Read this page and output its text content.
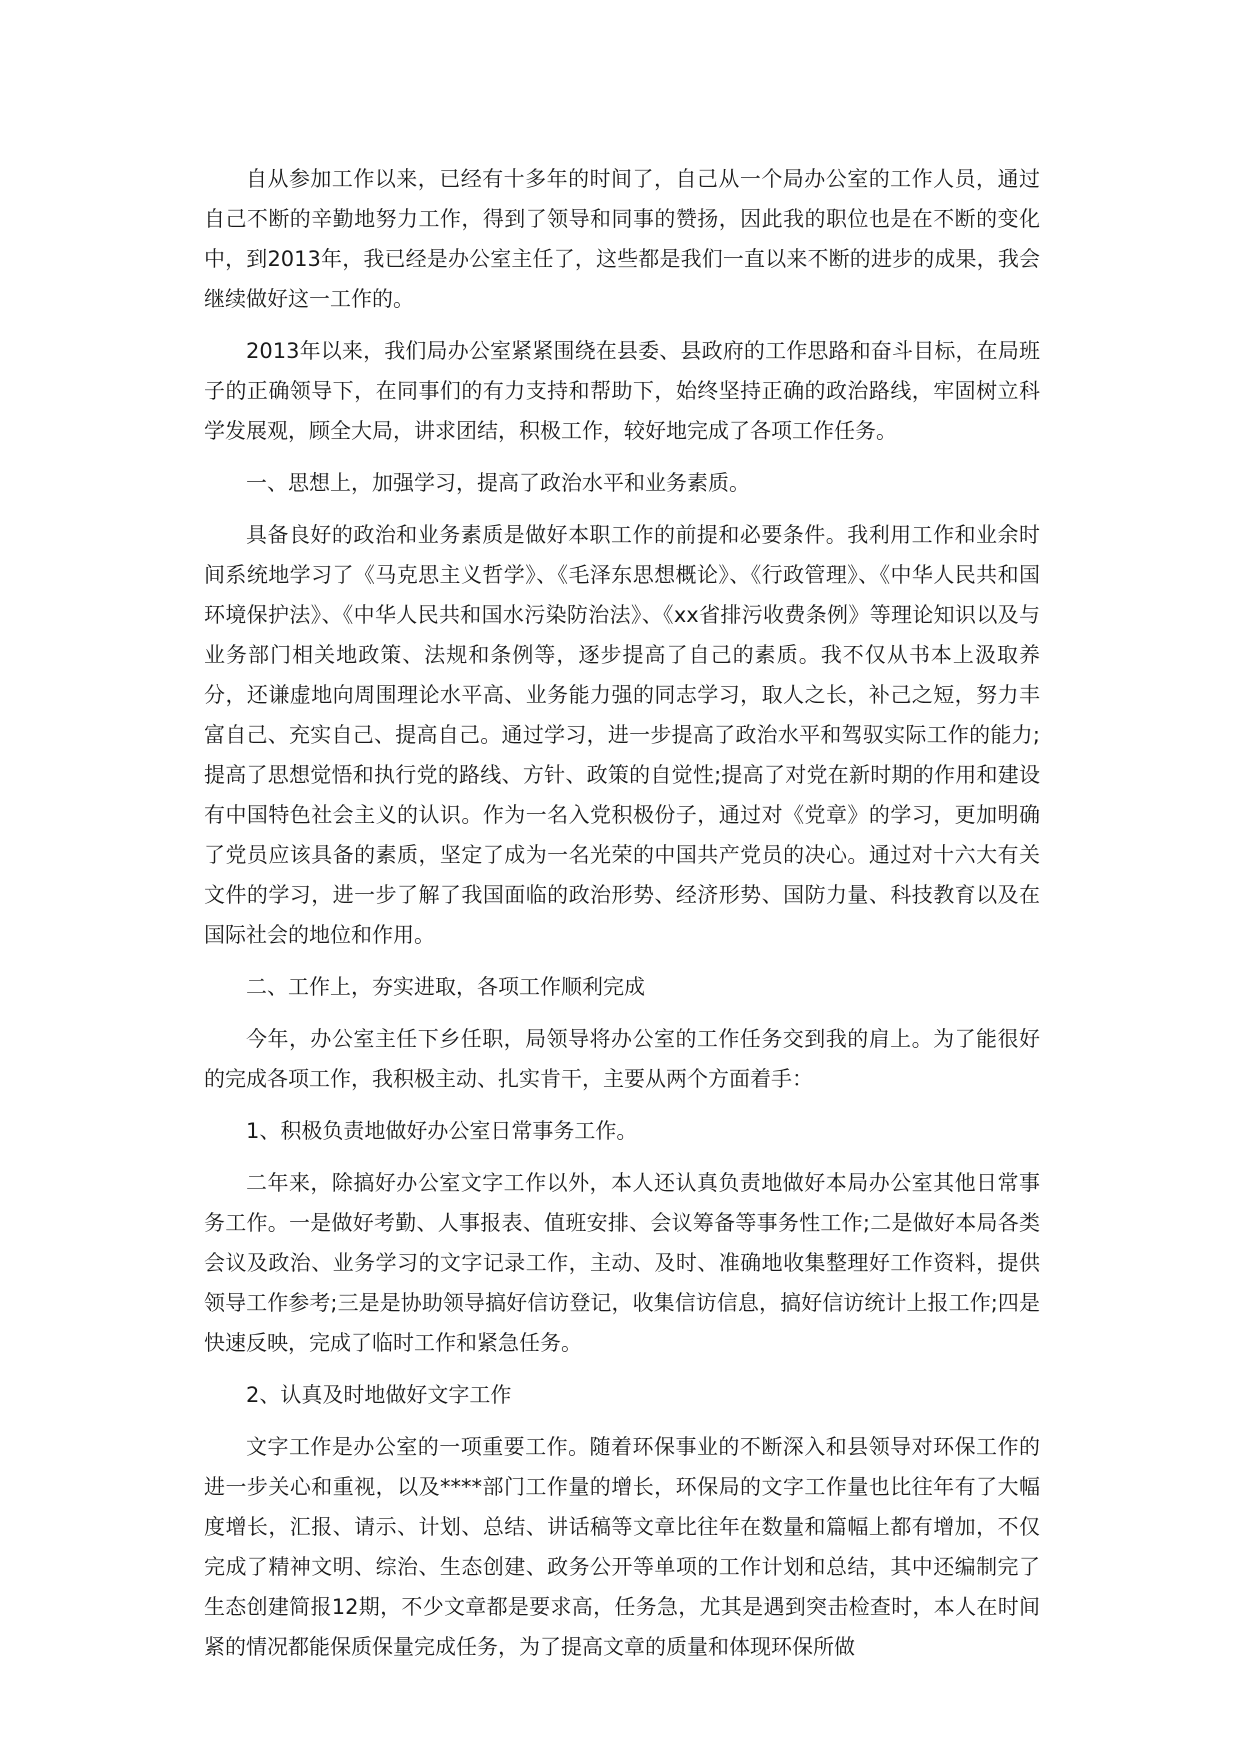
自从参加工作以来，已经有十多年的时间了，自己从一个局办公室的工作人员，通过自己不断的辛勤地努力工作，得到了领导和同事的赞扬，因此我的职位也是在不断的变化中，到2013年，我已经是办公室主任了，这些都是我们一直以来不断的进步的成果，我会继续做好这一工作的。

2013年以来，我们局办公室紧紧围绕在县委、县政府的工作思路和奋斗目标，在局班子的正确领导下，在同事们的有力支持和帮助下，始终坚持正确的政治路线，牢固树立科学发展观，顾全大局，讲求团结，积极工作，较好地完成了各项工作任务。

一、思想上，加强学习，提高了政治水平和业务素质。

具备良好的政治和业务素质是做好本职工作的前提和必要条件。我利用工作和业余时间系统地学习了《马克思主义哲学》、《毛泽东思想概论》、《行政管理》、《中华人民共和国环境保护法》、《中华人民共和国水污染防治法》、《xx省排污收费条例》等理论知识以及与业务部门相关地政策、法规和条例等，逐步提高了自己的素质。我不仅从书本上汲取养分，还谦虚地向周围理论水平高、业务能力强的同志学习，取人之长，补己之短，努力丰富自己、充实自己、提高自己。通过学习，进一步提高了政治水平和驾驭实际工作的能力;提高了思想觉悟和执行党的路线、方针、政策的自觉性;提高了对党在新时期的作用和建设有中国特色社会主义的认识。作为一名入党积极份子，通过对《党章》的学习，更加明确了党员应该具备的素质，坚定了成为一名光荣的中国共产党员的决心。通过对十六大有关文件的学习，进一步了解了我国面临的政治形势、经济形势、国防力量、科技教育以及在国际社会的地位和作用。

二、工作上，夯实进取，各项工作顺利完成

今年，办公室主任下乡任职，局领导将办公室的工作任务交到我的肩上。为了能很好的完成各项工作，我积极主动、扎实肯干，主要从两个方面着手：

1、积极负责地做好办公室日常事务工作。

二年来，除搞好办公室文字工作以外，本人还认真负责地做好本局办公室其他日常事务工作。一是做好考勤、人事报表、值班安排、会议筹备等事务性工作;二是做好本局各类会议及政治、业务学习的文字记录工作，主动、及时、准确地收集整理好工作资料，提供领导工作参考;三是是协助领导搞好信访登记，收集信访信息，搞好信访统计上报工作;四是快速反映，完成了临时工作和紧急任务。

2、认真及时地做好文字工作

文字工作是办公室的一项重要工作。随着环保事业的不断深入和县领导对环保工作的进一步关心和重视，以及****部门工作量的增长，环保局的文字工作量也比往年有了大幅度增长，汇报、请示、计划、总结、讲话稿等文章比往年在数量和篇幅上都有增加，不仅完成了精神文明、综治、生态创建、政务公开等单项的工作计划和总结，其中还编制完了生态创建简报12期，不少文章都是要求高，任务急，尤其是遇到突击检查时，本人在时间紧的情况都能保质保量完成任务，为了提高文章的质量和体现环保所做
